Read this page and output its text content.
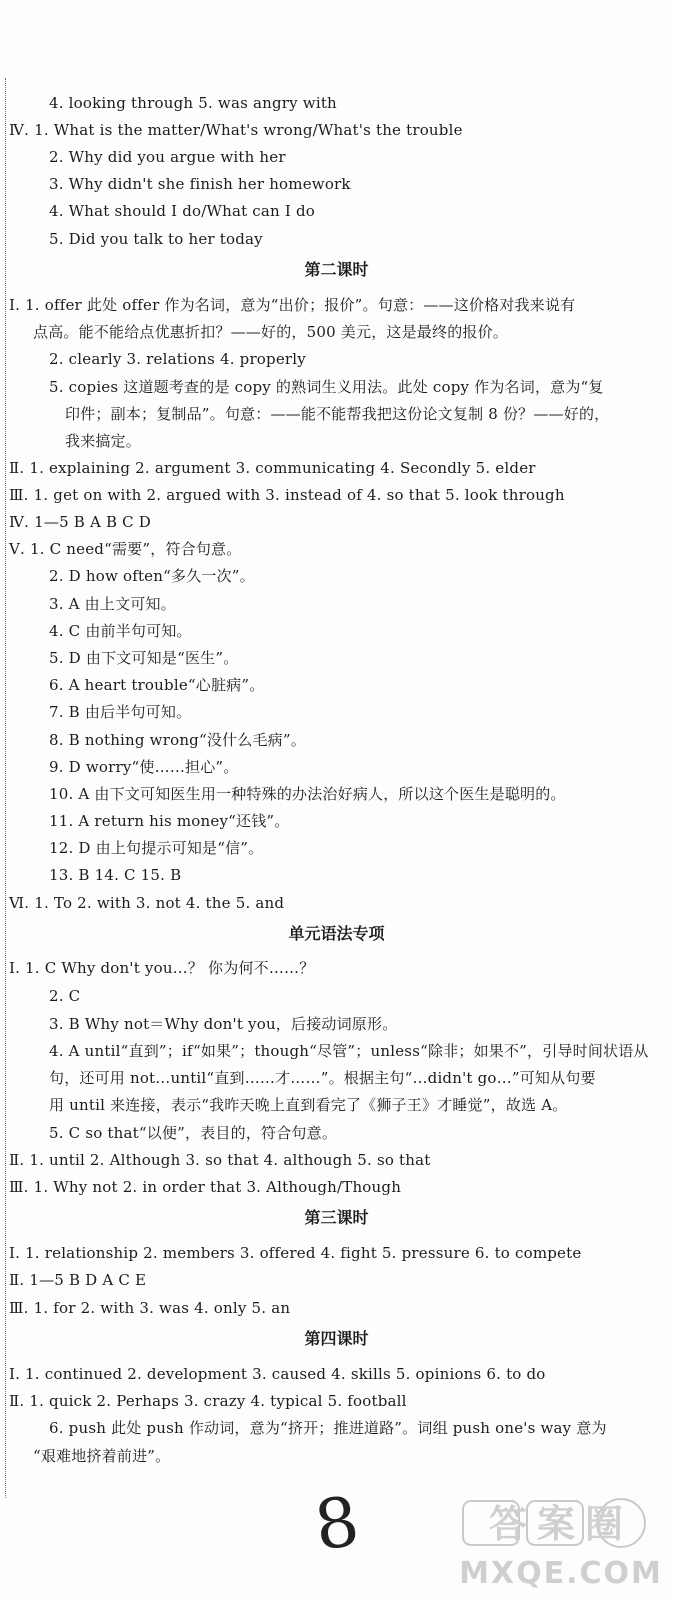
4. looking through 5. was angry with
Ⅳ. 1. What is the matter/What's wrong/What's the trouble
2. Why did you argue with her
3. Why didn't she finish her homework
4. What should I do/What can I do
5. Did you talk to her today
Ⅰ. 1. offer 此处 offer 作为名词，意为“出价；报价”。句意：——这价格对我来说有
点高。能不能给点优惠折扣？——好的，500 美元，这是最终的报价。
2. clearly 3. relations 4. properly
5. copies 这道题考查的是 copy 的熟词生义用法。此处 copy 作为名词，意为“复
印件；副本；复制品”。句意：——能不能帮我把这份论文复制 8 份？——好的，
我来搞定。
Ⅱ. 1. explaining 2. argument 3. communicating 4. Secondly 5. elder
Ⅲ. 1. get on with 2. argued with 3. instead of 4. so that 5. look through
Ⅳ. 1—5 B A B C D
Ⅴ. 1. C need“需要”，符合句意。
2. D how often“多久一次”。
3. A 由上文可知。
4. C 由前半句可知。
5. D 由下文可知是“医生”。
6. A heart trouble“心脏病”。
7. B 由后半句可知。
8. B nothing wrong“没什么毛病”。
9. D worry“使……担心”。
10. A 由下文可知医生用一种特殊的办法治好病人，所以这个医生是聪明的。
11. A return his money“还钱”。
12. D 由上句提示可知是“信”。
13. B 14. C 15. B
Ⅵ. 1. To 2. with 3. not 4. the 5. and
Ⅰ. 1. C Why don't you…？ 你为何不……？
2. C
3. B Why not＝Why don't you，后接动词原形。
4. A until“直到”；if“如果”；though“尽管”；unless“除非；如果不”，引导时间状语从
句，还可用 not…until“直到……才……”。根据主句“…didn't go…”可知从句要
用 until 来连接，表示“我昨天晚上直到看完了《狮子王》才睡觉”，故选 A。
5. C so that“以便”，表目的，符合句意。
Ⅱ. 1. until 2. Although 3. so that 4. although 5. so that
Ⅲ. 1. Why not 2. in order that 3. Although/Though
Ⅰ. 1. relationship 2. members 3. offered 4. fight 5. pressure 6. to compete
Ⅱ. 1—5 B D A C E
Ⅲ. 1. for 2. with 3. was 4. only 5. an
Ⅰ. 1. continued 2. development 3. caused 4. skills 5. opinions 6. to do
Ⅱ. 1. quick 2. Perhaps 3. crazy 4. typical 5. football
6. push 此处 push 作动词，意为“挤开；推进道路”。词组 push one's way 意为
“艰难地挤着前进”。
第二课时
单元语法专项
第三课时
第四课时
8	答案圈
MXQE.COM
